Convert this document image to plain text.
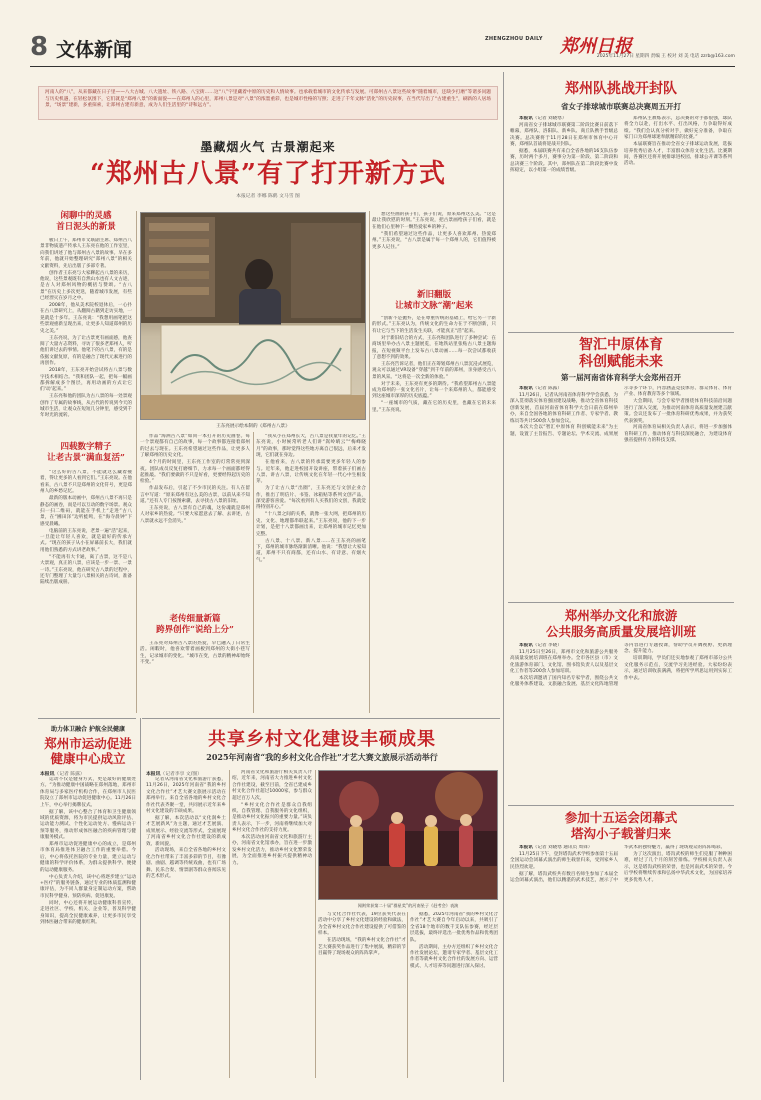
8 文体新闻	ZHENGZHOU DAILY 郑州日报
2025年11月27日 星期四 责编 王 校对 刘 美 电话 zzrb@163.com
河南人的“八”，从来都藏在日子里——八大古城、八大遗址、铁八路、八宝街……这“八”字里藏着中原的历史和人情故事。也承载着城市的文化传承与发展。可郑州古八景这些故事“随着城市，还缺少打磨”等诸多问题与历史机遇，在轻松氛围下，它们就是“郑州八景”的新面貌——在郑州人的心里，郑州八景是对“八景”的浓墨重彩，也是城市性格的写照；走进了千年文脉“活化”的历史叙事，在当代写出了“古建重生”，刷新的人居场景，“场景”建新，多重探索，让郑州古建有新意，成为人们生活里的“诗和远方”。
墨藏烟火气 古景潮起来
“郑州古八景”有了打开新方式
本报记者 李娜 陈鹤 文马雪 图
闲聊中的灵感
首日泥头的新景

板日上午，郑州市文联副主席、郑州古八景非物质遗产传承人王东亮在他的工作室里，向我们讲述了他与郑州古八景的故事。早在多年前，他就开始整理研究“郑州八景”的相关文献资料，先后出版了多部专著。

创作者王东亮与大家聊起古八景的来历，他说，这些景观既有自然山水也有人文古迹，是古人对郑州风物的概括与赞颂。“古八景”在历史上多次更迭，随着城市发展，有些已经湮灭在岁月之中。

2008年，他从美术院校退休后，一心扑在古八景研究上，从翻阅古籍到走访实地，一晃就是十多年。王东亮说：“我想用画笔把这些景观重新呈现出来，让更多人知道郑州的历史之美。”

王东亮说，为了让古景更有画面感，他查阅了大量方志资料，寻访了很多老郑州人，听他们讲过去的事情。他笔下的古八景，有的是依据文献复原，有的是融合了现代元素进行的再创作。

2018年，王东亮开始尝试将古八景与数字技术相结合。“我和团队一起，把每一幅画都拆解成多个图层，再用动画的方式让它们‘动’起来。”

王东亮和他的团队为古八景的每一处景观创作了专属的故事线，从古代的传说到今天的城市生活，让观众在短短几分钟里，感受到千年时光的流转。

四载数字精子
让老古景“满血复活”

“这么好的古八景，不能就这么藏着掖着，得让更多的人看到它们。”王东亮说。在他看来，古八景不只是郑州的文化符号，更是郑州人的乡愁记忆。

最新的版本动画中，郑州古八景不再只是静态的画卷，而是可以互动的数字场景。观众扫一扫二维码，就能在手机上“走进”古八景，在“圃田泽”边听蛙鸣，在“海寺晨钟”下感受晨曦。

电脑前的王东亮说，老景一遍“活”起来，一旦能让年轻人喜欢，就是最好的传承方式。“现在的孩子从小在屏幕前长大，我们就用他们熟悉的方式讲老故事。”

“不能再有大卡通，离了古景，这不是八大景观，真正的八景，应该是一步一景、一景一诗。”王东亮说，他在研究古八景的过程中，还专门整理了大量与八景相关的古诗词，准备陆续出版成册。

王东亮展示绘本制的《郑州古八景》

作品“海洲古八景”如同一本打开的历史画卷。每一个景观都有自己的故事，每一个故事都连接着郑州的过去与现在。王东亮希望通过这些作品，让更多人了解郑州的历史文化。

4个月的时间里，王东亮工作室的灯常常亮到深夜。团队成员反复打磨细节，力求每一个画面都经得起推敲。“我们要做的不只是好看，更要经得起历史的检验。”

作品发布后，引起了不少市民的关注。有人在留言中写道：“原来郑州有这么美的古景，以前从来不知道。”还有人专门按图索骥，去寻找古八景的旧址。

王东亮说，古八景有自己的魂，这份魂就是郑州人对家乡的热爱。“只要大家愿意去了解、去讲述，古八景就永远不会消失。”

老传细量新篇
跨界创作“说给上分”

王东亮对郑州古八景的热爱，早已融入了日常生活。闲暇时，他喜欢带着画板到郑州的大街小巷写生，记录城市的变化。“城市在变，古景的精神却始终不变。”

“我从小在郑州长大，古八景是我童年的记忆。”王东亮说，小时候常听老人们讲“嵩岭晴云”“梅峰晓月”的故事，那时觉得这些地方离自己很远，后来才发现，它们就在身边。

在他看来，古八景的传承需要更多年轻人的参与。近年来，他走进校园开设讲座，带着孩子们画古八景、讲古八景，让传统文化在年轻一代心中生根发芽。

为了让古八景“出圈”，王东亮还与文创企业合作，推出了明信片、书签、冰箱贴等系列文创产品，深受游客喜爱。“每次看到有人买我们的文创，我就觉得特别开心。”

“十八景之间的关系，就像一张大网，把郑州的历史、文化、地理都串联起来。”王东亮说，他的下一步计划，是把十八景都画出来，让郑州的城市记忆更加完整。

古八景、十八景、新八景……在王东亮的画笔下，郑州的城市脉络渐渐清晰。他说：“我想让大家知道，郑州不只有商都，还有山水、有诗意、有烟火气。”

想这些画的孩子们，孩子们说，原来郑州这么美。“这是最让我欣慰的时刻。”王东亮说，把古景画给孩子们看，就是在他们心里种下一颗热爱家乡的种子。

“我们希望通过这些作品，让更多人喜欢郑州、热爱郑州。”王东亮说，“古八景是属于每一个郑州人的，它们值得被更多人记住。”

新旧翻版
让城市文脉“潮”起来

“创新不是抛弃，是在尊重传统的基础上，给它另一个新的形式。”王东亮认为，传统文化的生命力在于不断创新，只有让它与当下的生活发生关联，才能真正“活”起来。

对于新旧结合的方式，王东亮和团队进行了多种尝试：在商场里举办古八景主题展览，在地铁站里张贴古八景主题海报，在短视频平台上发布古八景动画……每一次尝试都收获了意想不到的效果。

王东亮告诉记者，他们正在筹划郑州古八景沉浸式展览，观众可以通过VR设备“穿越”到千年前的郑州，亲身感受古八景的风采。“这将是一次全新的体验。”

对于未来，王东亮有更多的期待。“我希望郑州古八景能成为郑州的一张文化名片，让每一个来郑州的人，都能感受到这座城市深厚的历史底蕴。”

“一座城市的气质，藏在它的历史里，也藏在它的未来里。”王东亮说。

助力体卫融合 护航全民健康
郑州市运动促进
健康中心成立
本报讯（记者 陈露）

运动不仅是健身方式，更是最好的健康处方。“为推动健康中国战略在郑州落地，郑州市体育局与多家医疗机构合作，在郑州市人民医院设立了郑州市运动促进健康中心。11月26日上午，中心举行揭牌仪式。

据了解，该中心整合了体育和卫生健康领域的优质资源，将为市民提供运动风险评估、运动能力测试、个性化运动处方、慢病运动干预等服务，推动形成体医融合的疾病管理与健康服务模式。

郑州市运动促进健康中心的成立，是郑州市体育局推进体卫融合工作的重要举措。今后，中心将依托医院的专业力量，建立运动与健康的科学评价体系，为群众提供科学、便捷的运动健康服务。

中心负责人介绍，该中心将逐步建立“运动+医疗”的服务链条，通过专业的体质监测和健康评估，为不同人群量身定制运动方案，帮助市民科学健身、预防疾病、促进康复。

同时，中心还将开展运动健康科普宣传，走进社区、学校、机关、企业等，普及科学健身知识，提高全民健康素养，让更多市民享受到体医融合带来的健康红利。

共享乡村文化建设丰硕成果
2025年河南省“我的乡村文化合作社”才艺大赛文旅展示活动举行
本报讯（记者李享 文/图）

记者从河南省文化和旅游厅获悉，11月26日，2025年河南省“我的乡村文化合作社”才艺大赛文旅展示活动在郑州举行。来自全省各地的乡村文化合作社代表齐聚一堂，共同展示近年来乡村文化建设的丰硕成果。

据了解，本次活动以“文化润乡土 才艺展新风”为主题，通过才艺展演、成果展示、经验交流等形式，全面展现了河南省乡村文化合作社建设的新成效、新风貌。

活动现场，来自全省各地的乡村文化合作社带来了丰富多彩的节目，有豫剧、曲剧、越调等传统戏曲，也有广场舞、民乐合奏、情景剧等群众喜闻乐见的艺术形式。

河南省文化和旅游厅相关负责人介绍，近年来，河南省大力推进乡村文化合作社建设，截至目前，全省已建成乡村文化合作社超过10000家，参与群众超过百万人次。

“乡村文化合作社是群众自我组织、自我管理、自我服务的文化组织，是推动乡村文化振兴的重要力量。”该负责人表示，下一步，河南将继续加大对乡村文化合作社的支持力度。

本次活动由河南省文化和旅游厅主办，河南省文化馆承办，旨在进一步激发乡村文化活力，推动乡村文化繁荣发展，为全面推进乡村振兴提供精神动力。

闻则荣获第二十届“群星奖”的河南坠子《赶考会》表演

与文化合作社代表，19位获奖代表在活动中分享了乡村文化建设的经验和做法，为全省乡村文化合作社建设提供了可借鉴的样本。

在活动现场，“我的乡村文化合作社”才艺大赛获奖作品进行了集中展演，精彩的节目赢得了现场观众的阵阵掌声。

据悉，2025年河南省“我的乡村文化合作社”才艺大赛自今年启动以来，共吸引了全省18个地市的数千支队伍参赛，经过层层选拔，最终评选出一批优秀作品和优秀团队。

活动期间，主办方还组织了乡村文化合作社发展论坛，邀请专家学者、基层文化工作者等就乡村文化合作社的发展方向、运营模式、人才培养等问题进行深入探讨。

郑州队挑战开封队
省女子排球城市联赛总决赛周五开打

本报讯（记者 刘晓寒）

河南省女子排球城市联赛第二阶段比赛日前落下帷幕，郑州队、洛阳队、新乡队、商丘队携手晋级总决赛。总决赛将于11月28日在郑州市体育中心开赛，郑州队首战将迎战开封队。

据悉，本届联赛共有来自全省各地的16支队伍参赛，历时两个多月，赛事分为第一阶段、第二阶段和总决赛三个阶段。其中，郑州队在第二阶段比赛中发挥稳定，以小组第一的成绩晋级。

郑州队主教练表示，总决赛的对手都很强，球队将全力以赴，打出水平、打出风格，力争取得好成绩。“我们会认真分析对手，做好充分准备，争取在家门口为郑州球迷奉献精彩的比赛。”

本届联赛旨在推动全省女子排球运动发展，选拔培养优秀后备人才，丰富群众体育文化生活。比赛期间，各赛区还将开展排球进校园、排球公开课等系列活动。

智汇中原体育
科创赋能未来
第一届河南省体育科学大会郑州召开

本报讯（记者 陈露）

11月26日，记者从河南省体育科学学会获悉，为深入贯彻落实体育强国建设战略，推动全省体育科技创新发展，首届河南省体育科学大会日前在郑州举办，来自全国各地的体育科研工作者、专家学者、教练员等共计500余人参加会议。

本次大会以“智汇中原体育 科创赋能未来”为主题，设置了主旨报告、专题论坛、学术交流、成果展示等多个环节，内容涵盖竞技体育、群众体育、体育产业、体育教育等多个领域。

大会期间，与会专家学者围绕体育科技前沿问题进行了深入交流，为推动河南体育高质量发展建言献策。会议还发布了一批体育科研优秀成果，并为获奖代表颁奖。

河南省体育局相关负责人表示，将进一步加强体育科研工作，推动体育与科技深度融合，为建设体育强省提供有力的科技支撑。

郑州举办文化和旅游
公共服务高质量发展培训班

本报讯（记者 李晓）

11月25日至26日，郑州市文化和旅游公共服务高质量发展培训班在郑州举办。全市各区县（市）文化旅游体育部门、文化馆、图书馆负责人以及基层文化工作者等200余人参加培训。

本次培训邀请了国内知名专家学者，围绕公共文化服务体系建设、文旅融合发展、基层文化阵地管理等内容进行专题授课，帮助学员开阔视野、更新理念、提升能力。

培训期间，学员们还实地参观了郑州市部分公共文化服务示范点，交流学习先进经验。大家纷纷表示，通过培训收获满满，将把所学所思运用到实际工作中去。

参加十五运会闭幕式
塔沟小子载誉归来

本报讯（记者 刘晓寒 通讯员 周锋）

11月25日下午，登封塔沟武术学校参加第十五届全国运动会闭幕式演出的师生载誉归来，受到家乡人民热烈欢迎。

据了解，塔沟武校共有数百名师生参加了本届全运会闭幕式演出，他们以精湛的武术技艺，展示了中华武术的独特魅力，赢得了现场观众的阵阵喝彩。

为了这次演出，塔沟武校的师生们克服了种种困难，经过了几个月的刻苦排练。学校相关负责人表示，这是塔沟武校的荣誉，也是河南武术的荣誉。今后学校将继续传承和弘扬中华武术文化，为国家培养更多优秀人才。
